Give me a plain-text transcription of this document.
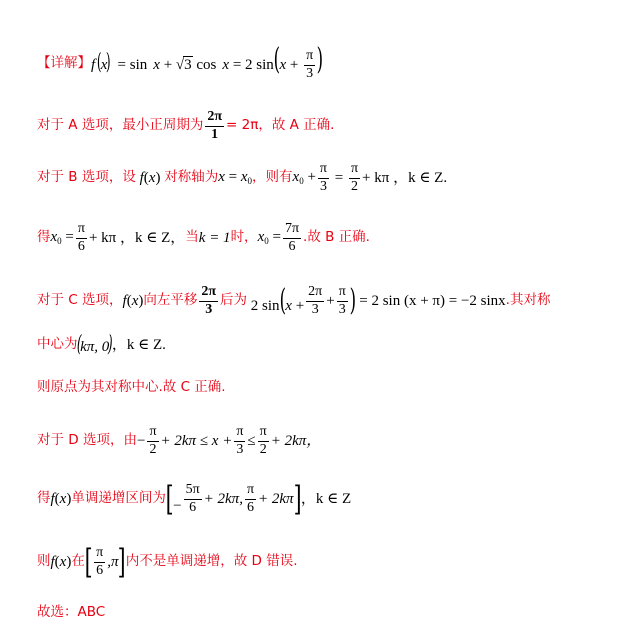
【详解】 f (x)  = sin x + √3 cos x = 2 $\sin(x + \frac{\pi}{3}$ )
对于 A 选项，最小正周期为 $\frac{2\pi}{1} = 2\pi$，故 A 正确.
对于 B 选项，设 f(x) 对称轴为 $x = x_0$ ，则有 $x_0 + \frac{\pi}{3} = \frac{\pi}{2} + k\pi$ ，k ∈ Z.
得 $x_0 = \frac{\pi}{6} + k\pi$ ，k ∈ Z， 当 k = 1 时， $x_0 = \frac{7\pi}{6}$ .故 B 正确.
对于 C 选项， f(x) 向左平移 $\frac{2\pi}{3}$ 后为 2 $\sin(x + \frac{2\pi}{3} + \frac{\pi}{3}$ ) = 2 sin (x + π) = −2 sinx .其对称
中心为
(kπ, 0)
，k ∈ Z.
则原点为其对称中心.故 C 正确.
对于 D 选项，由 − $\frac{\pi}{2} + 2k\pi \le x + \frac{\pi}{3} \le \frac{\pi}{2} + 2k\pi$，
得 f(x) 单调递增区间为 [− $\frac{5\pi}{6} + 2k\pi$, $\frac{\pi}{6} + 2k\pi$ ] ，k ∈ Z
则 f(x) 在 [ $\frac{\pi}{6} ,\pi$ ] 内不是单调递增，故 D 错误.
故选：ABC
